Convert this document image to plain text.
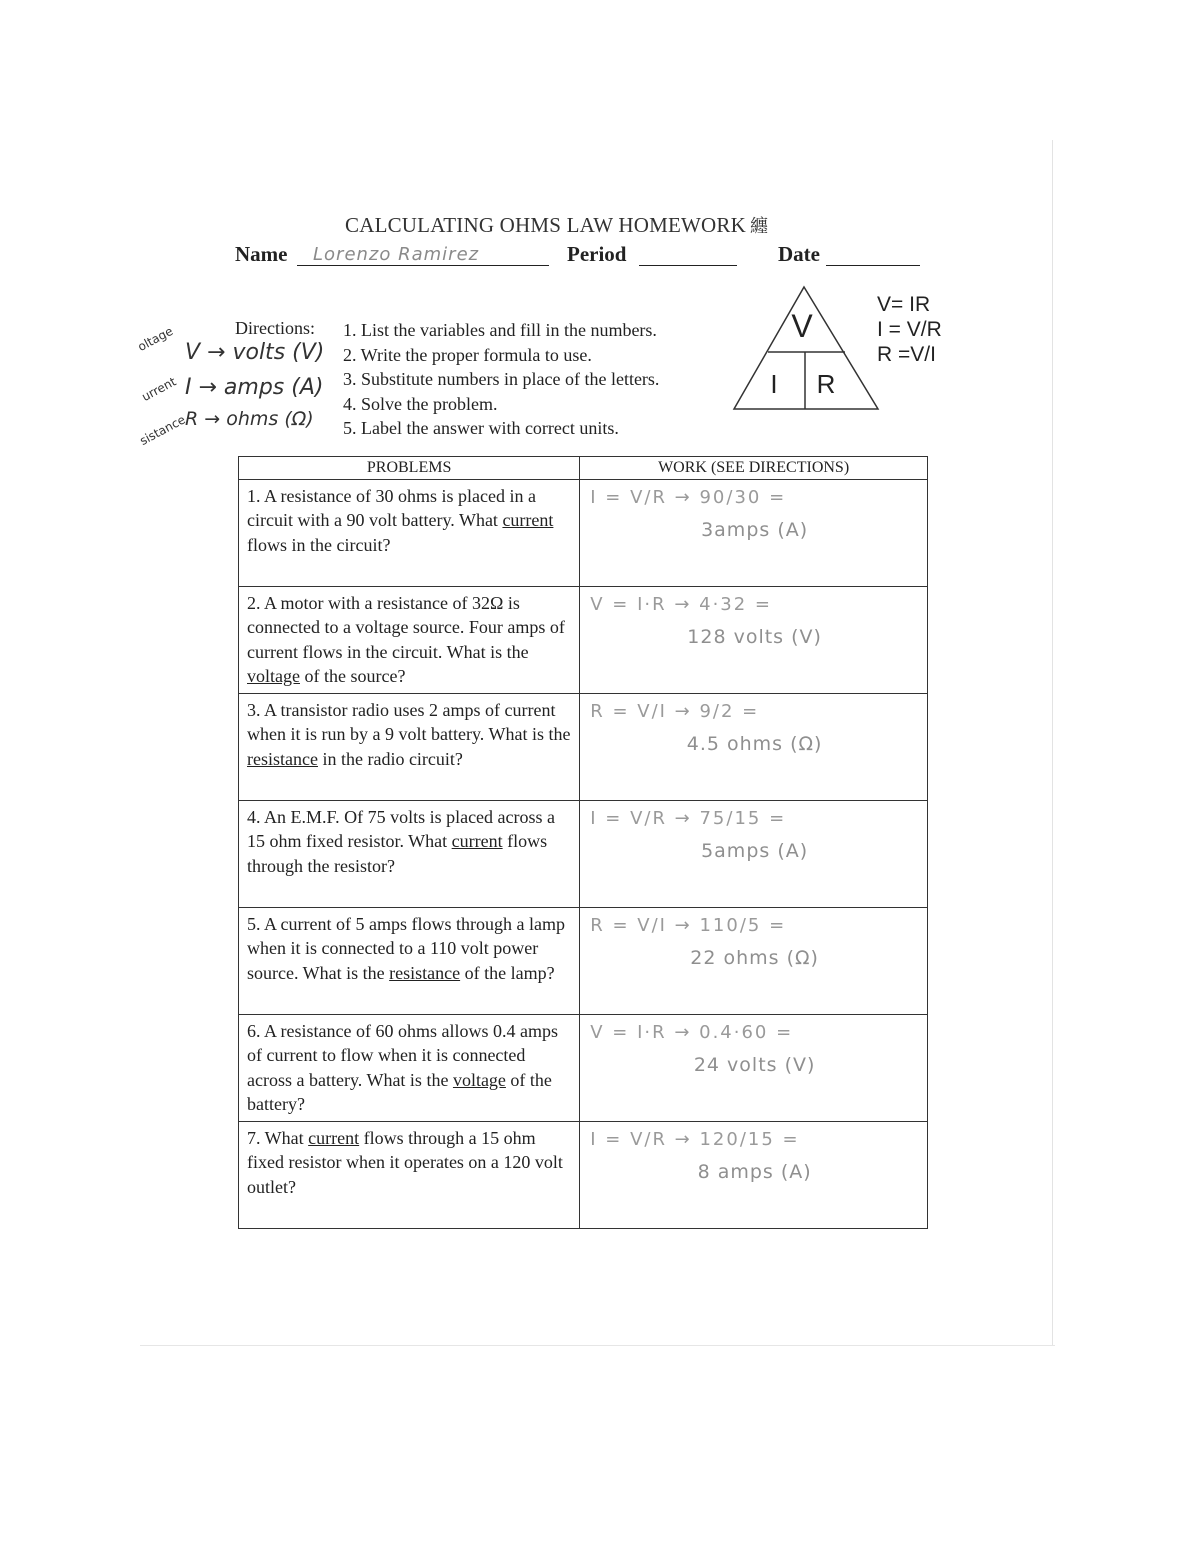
CALCULATING OHMS LAW HOMEWORK 纏
Name Lorenzo Ramirez	Period	Date
oltage V → volts (V)
urrent I → amps (A)
sistance
R → ohms (Ω)
Directions: 1. List the variables and fill in the numbers.
2. Write the proper formula to use.
3. Substitute numbers in place of the letters.
4. Solve the problem.
5. Label the answer with correct units.
V
I R
V= IR
I = V/R
R =V/I
PROBLEMS	WORK (SEE DIRECTIONS)
1. A resistance of 30 ohms is placed in a circuit with a 90 volt battery. What current flows in the circuit?	I = V/R → 90/30 =
3amps (A)

2. A motor with a resistance of 32Ω is connected to a voltage source. Four amps of current flows in the circuit. What is the voltage of the source?	V = I·R → 4·32 =
128 volts (V)

3. A transistor radio uses 2 amps of current when it is run by a 9 volt battery. What is the resistance in the radio circuit?	R = V/I → 9/2 =
4.5 ohms (Ω)

4. An E.M.F. Of 75 volts is placed across a 15 ohm fixed resistor. What current flows through the resistor?	I = V/R → 75/15 =
5amps (A)

5. A current of 5 amps flows through a lamp when it is connected to a 110 volt power source. What is the resistance of the lamp?	R = V/I → 110/5 =
22 ohms (Ω)

6. A resistance of 60 ohms allows 0.4 amps of current to flow when it is connected across a battery. What is the voltage of the battery?	V = I·R → 0.4·60 =
24 volts (V)

7. What current flows through a 15 ohm fixed resistor when it operates on a 120 volt outlet?	I = V/R → 120/15 =
8 amps (A)
